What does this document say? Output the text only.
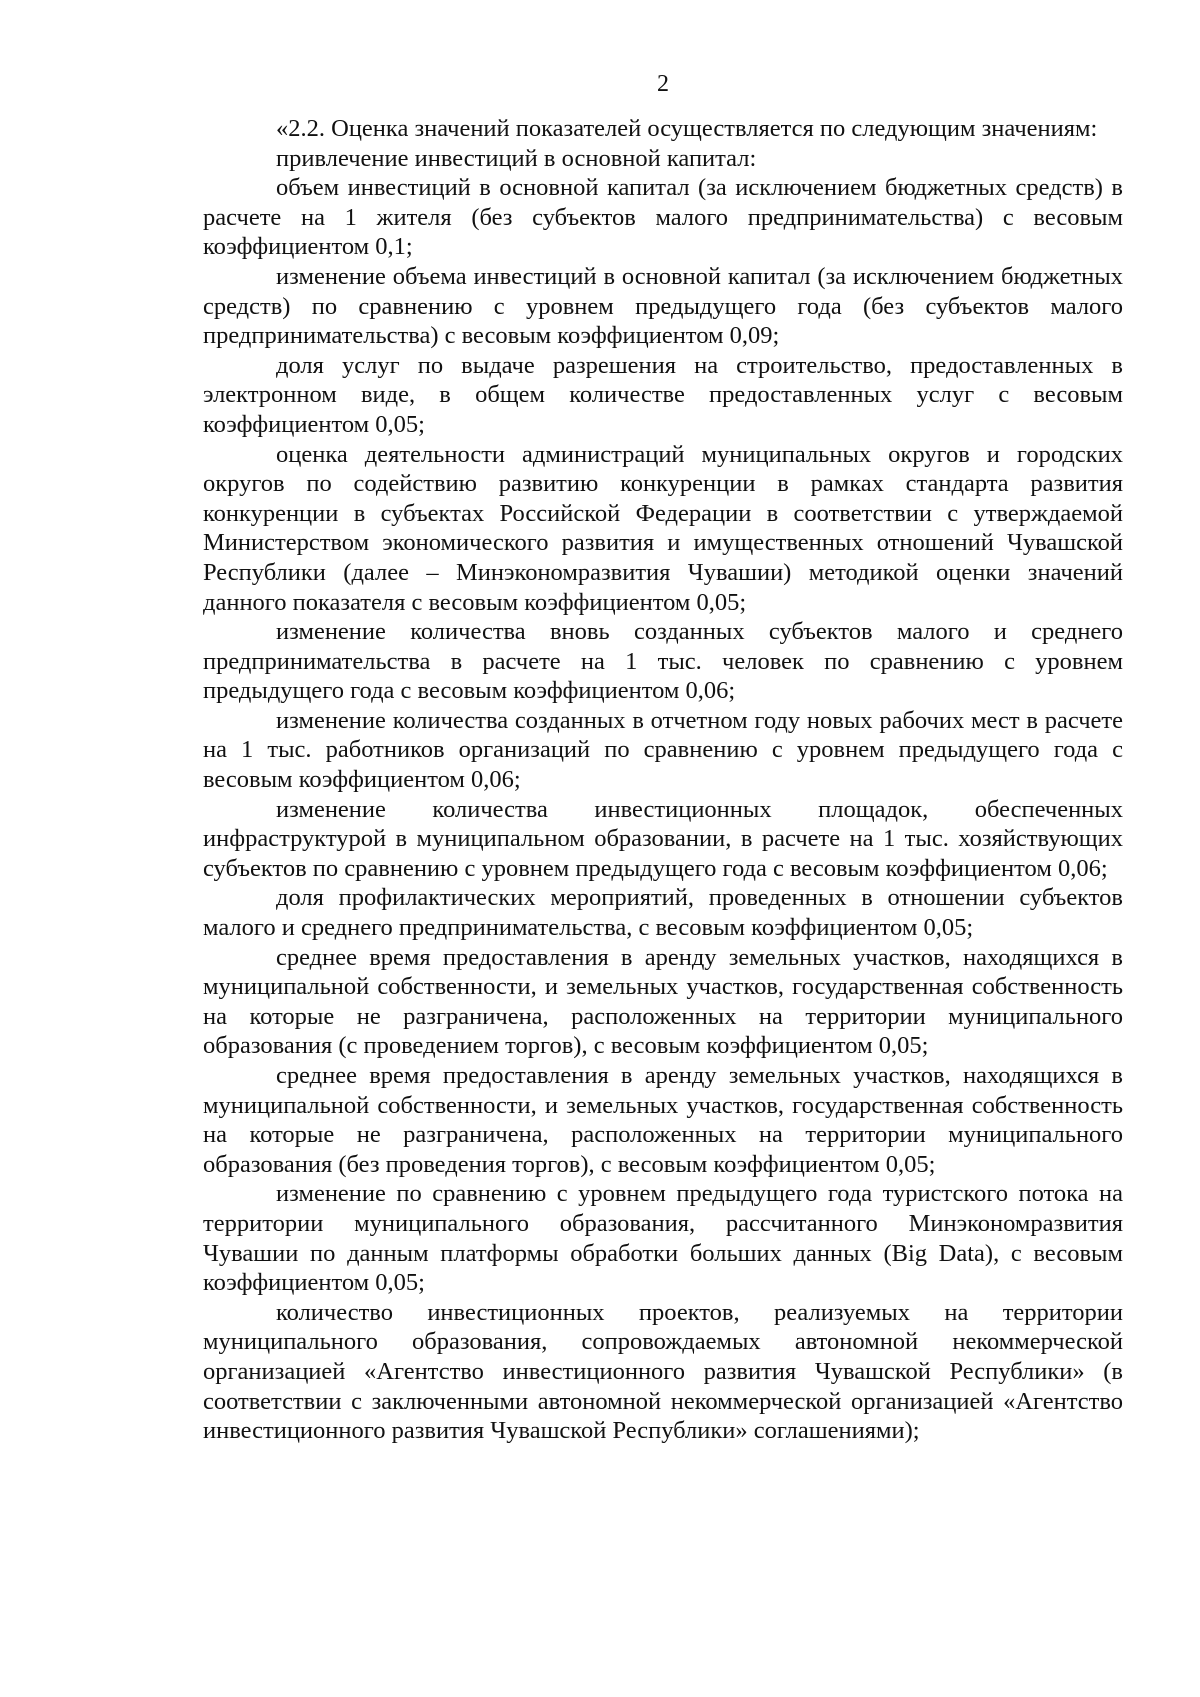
2

«2.2. Оценка значений показателей осуществляется по следующим значениям:

привлечение инвестиций в основной капитал:

объем инвестиций в основной капитал (за исключением бюджетных средств) в расчете на 1 жителя (без субъектов малого предпринимательства) с весовым коэффициентом 0,1;

изменение объема инвестиций в основной капитал (за исключением бюджетных средств) по сравнению с уровнем предыдущего года (без субъектов малого предпринимательства) с весовым коэффициентом 0,09;

доля услуг по выдаче разрешения на строительство, предоставленных в электронном виде, в общем количестве предоставленных услуг с весовым коэффициентом 0,05;

оценка деятельности администраций муниципальных округов и городских округов по содействию развитию конкуренции в рамках стандарта развития конкуренции в субъектах Российской Федерации в соответствии с утверждаемой Министерством экономического развития и имущественных отношений Чувашской Республики (далее – Минэкономразвития Чувашии) методикой оценки значений данного показателя с весовым коэффициентом 0,05;

изменение количества вновь созданных субъектов малого и среднего предпринимательства в расчете на 1 тыс. человек по сравнению с уровнем предыдущего года с весовым коэффициентом 0,06;

изменение количества созданных в отчетном году новых рабочих мест в расчете на 1 тыс. работников организаций по сравнению с уровнем предыдущего года с весовым коэффициентом 0,06;

изменение количества инвестиционных площадок, обеспеченных инфраструктурой в муниципальном образовании, в расчете на 1 тыс. хозяйствующих субъектов по сравнению с уровнем предыдущего года с весовым коэффициентом 0,06;

доля профилактических мероприятий, проведенных в отношении субъектов малого и среднего предпринимательства, с весовым коэффициентом 0,05;

среднее время предоставления в аренду земельных участков, находящихся в муниципальной собственности, и земельных участков, государственная собственность на которые не разграничена, расположенных на территории муниципального образования (с проведением торгов), с весовым коэффициентом 0,05;

среднее время предоставления в аренду земельных участков, находящихся в муниципальной собственности, и земельных участков, государственная собственность на которые не разграничена, расположенных на территории муниципального образования (без проведения торгов), с весовым коэффициентом 0,05;

изменение по сравнению с уровнем предыдущего года туристского потока на территории муниципального образования, рассчитанного Минэкономразвития Чувашии по данным платформы обработки больших данных (Big Data), с весовым коэффициентом 0,05;

количество инвестиционных проектов, реализуемых на территории муниципального образования, сопровождаемых автономной некоммерческой организацией «Агентство инвестиционного развития Чувашской Республики» (в соответствии с заключенными автономной некоммерческой организацией «Агентство инвестиционного развития Чувашской Республики» соглашениями);
